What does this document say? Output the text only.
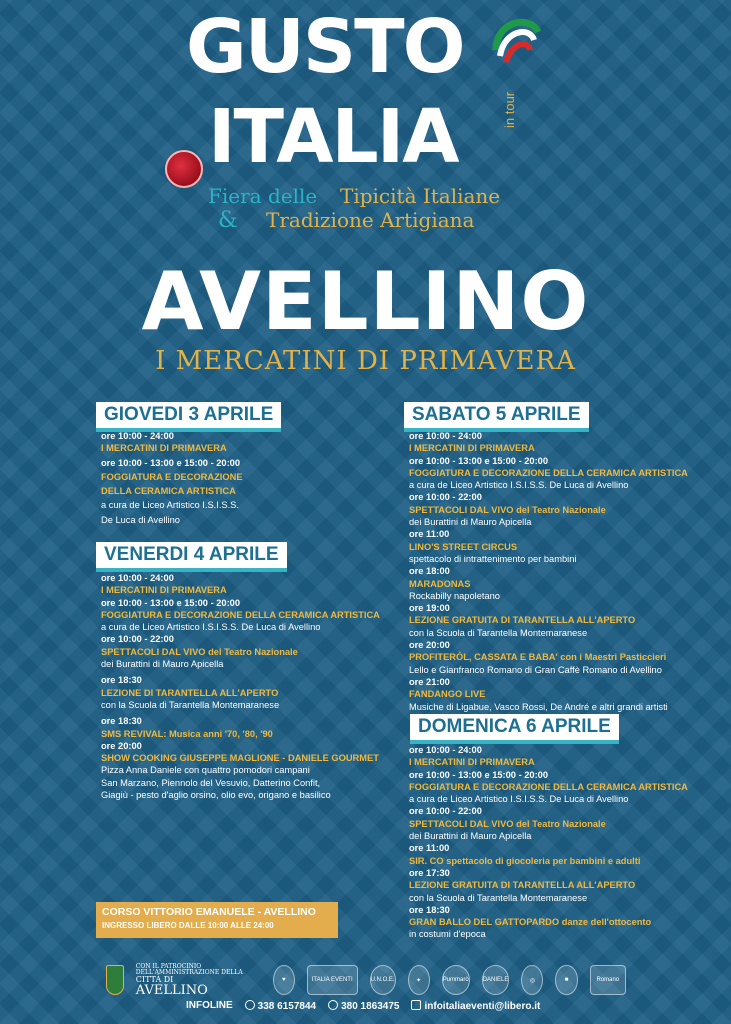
GUSTO
ITALIA	in tour
Fiera delle Tipicità Italiane
& Tradizione Artigiana
AVELLINO
I MERCATINI DI PRIMAVERA
GIOVEDI 3 APRILE
ore 10:00 - 24:00
I MERCATINI DI PRIMAVERA
ore 10:00 - 13:00 e 15:00 - 20:00
FOGGIATURA E DECORAZIONE
DELLA CERAMICA ARTISTICA
a cura de Liceo Artistico I.S.I.S.S.
De Luca di Avellino
VENERDI 4 APRILE
ore 10:00 - 24:00
I MERCATINI DI PRIMAVERA
ore 10:00 - 13:00 e 15:00 - 20:00
FOGGIATURA E DECORAZIONE DELLA CERAMICA ARTISTICA
a cura de Liceo Artistico I.S.I.S.S. De Luca di Avellino
ore 10:00 - 22:00
SPETTACOLI DAL VIVO del Teatro Nazionale
dei Burattini di Mauro Apicella
ore 18:30
LEZIONE DI TARANTELLA ALL'APERTO
con la Scuola di Tarantella Montemaranese
ore 18:30
SMS REVIVAL: Musica anni '70, '80, '90
ore 20:00
SHOW COOKING GIUSEPPE MAGLIONE - DANIELE GOURMET
Pizza Anna Daniele con quattro pomodori campani
San Marzano, Piennolo del Vesuvio, Datterino Confit,
Giagiù - pesto d'aglio orsino, olio evo, origano e basilico
SABATO 5 APRILE
ore 10:00 - 24:00
I MERCATINI DI PRIMAVERA
ore 10:00 - 13:00 e 15:00 - 20:00
FOGGIATURA E DECORAZIONE DELLA CERAMICA ARTISTICA
a cura de Liceo Artistico I.S.I.S.S. De Luca di Avellino
ore 10:00 - 22:00
SPETTACOLI DAL VIVO del Teatro Nazionale
dei Burattini di Mauro Apicella
ore 11:00
LINO'S STREET CIRCUS
spettacolo di intrattenimento per bambini
ore 18:00
MARADONAS
Rockabilly napoletano
ore 19:00
LEZIONE GRATUITA DI TARANTELLA ALL'APERTO
con la Scuola di Tarantella Montemaranese
ore 20:00
PROFITERÒL, CASSATA E BABA' con i Maestri Pasticcieri
Lello e Gianfranco Romano di Gran Caffè Romano di Avellino
ore 21:00
FANDANGO LIVE
Musiche di Ligabue, Vasco Rossi, De André e altri grandi artisti
DOMENICA 6 APRILE
ore 10:00 - 24:00
I MERCATINI DI PRIMAVERA
ore 10:00 - 13:00 e 15:00 - 20:00
FOGGIATURA E DECORAZIONE DELLA CERAMICA ARTISTICA
a cura de Liceo Artistico I.S.I.S.S. De Luca di Avellino
ore 10:00 - 22:00
SPETTACOLI DAL VIVO del Teatro Nazionale
dei Burattini di Mauro Apicella
ore 11:00
SIR. CO spettacolo di giocoleria per bambini e adulti
ore 17:30
LEZIONE GRATUITA DI TARANTELLA ALL'APERTO
con la Scuola di Tarantella Montemaranese
ore 18:30
GRAN BALLO DEL GATTOPARDO danze dell'ottocento
in costumi d'epoca
CORSO VITTORIO EMANUELE - AVELLINO
INGRESSO LIBERO DALLE 10:00 ALLE 24:00
CON IL PATROCINIO DELL'AMMINISTRAZIONE DELLA
CITTÀ DI
AVELLINO
♥	ITALIA EVENTI	U.N.O.E.	✦	Pummarò DANIELE	◎	■	Romano
INFOLINE	338 6157844	380 1863475	infoitaliaeventi@libero.it
